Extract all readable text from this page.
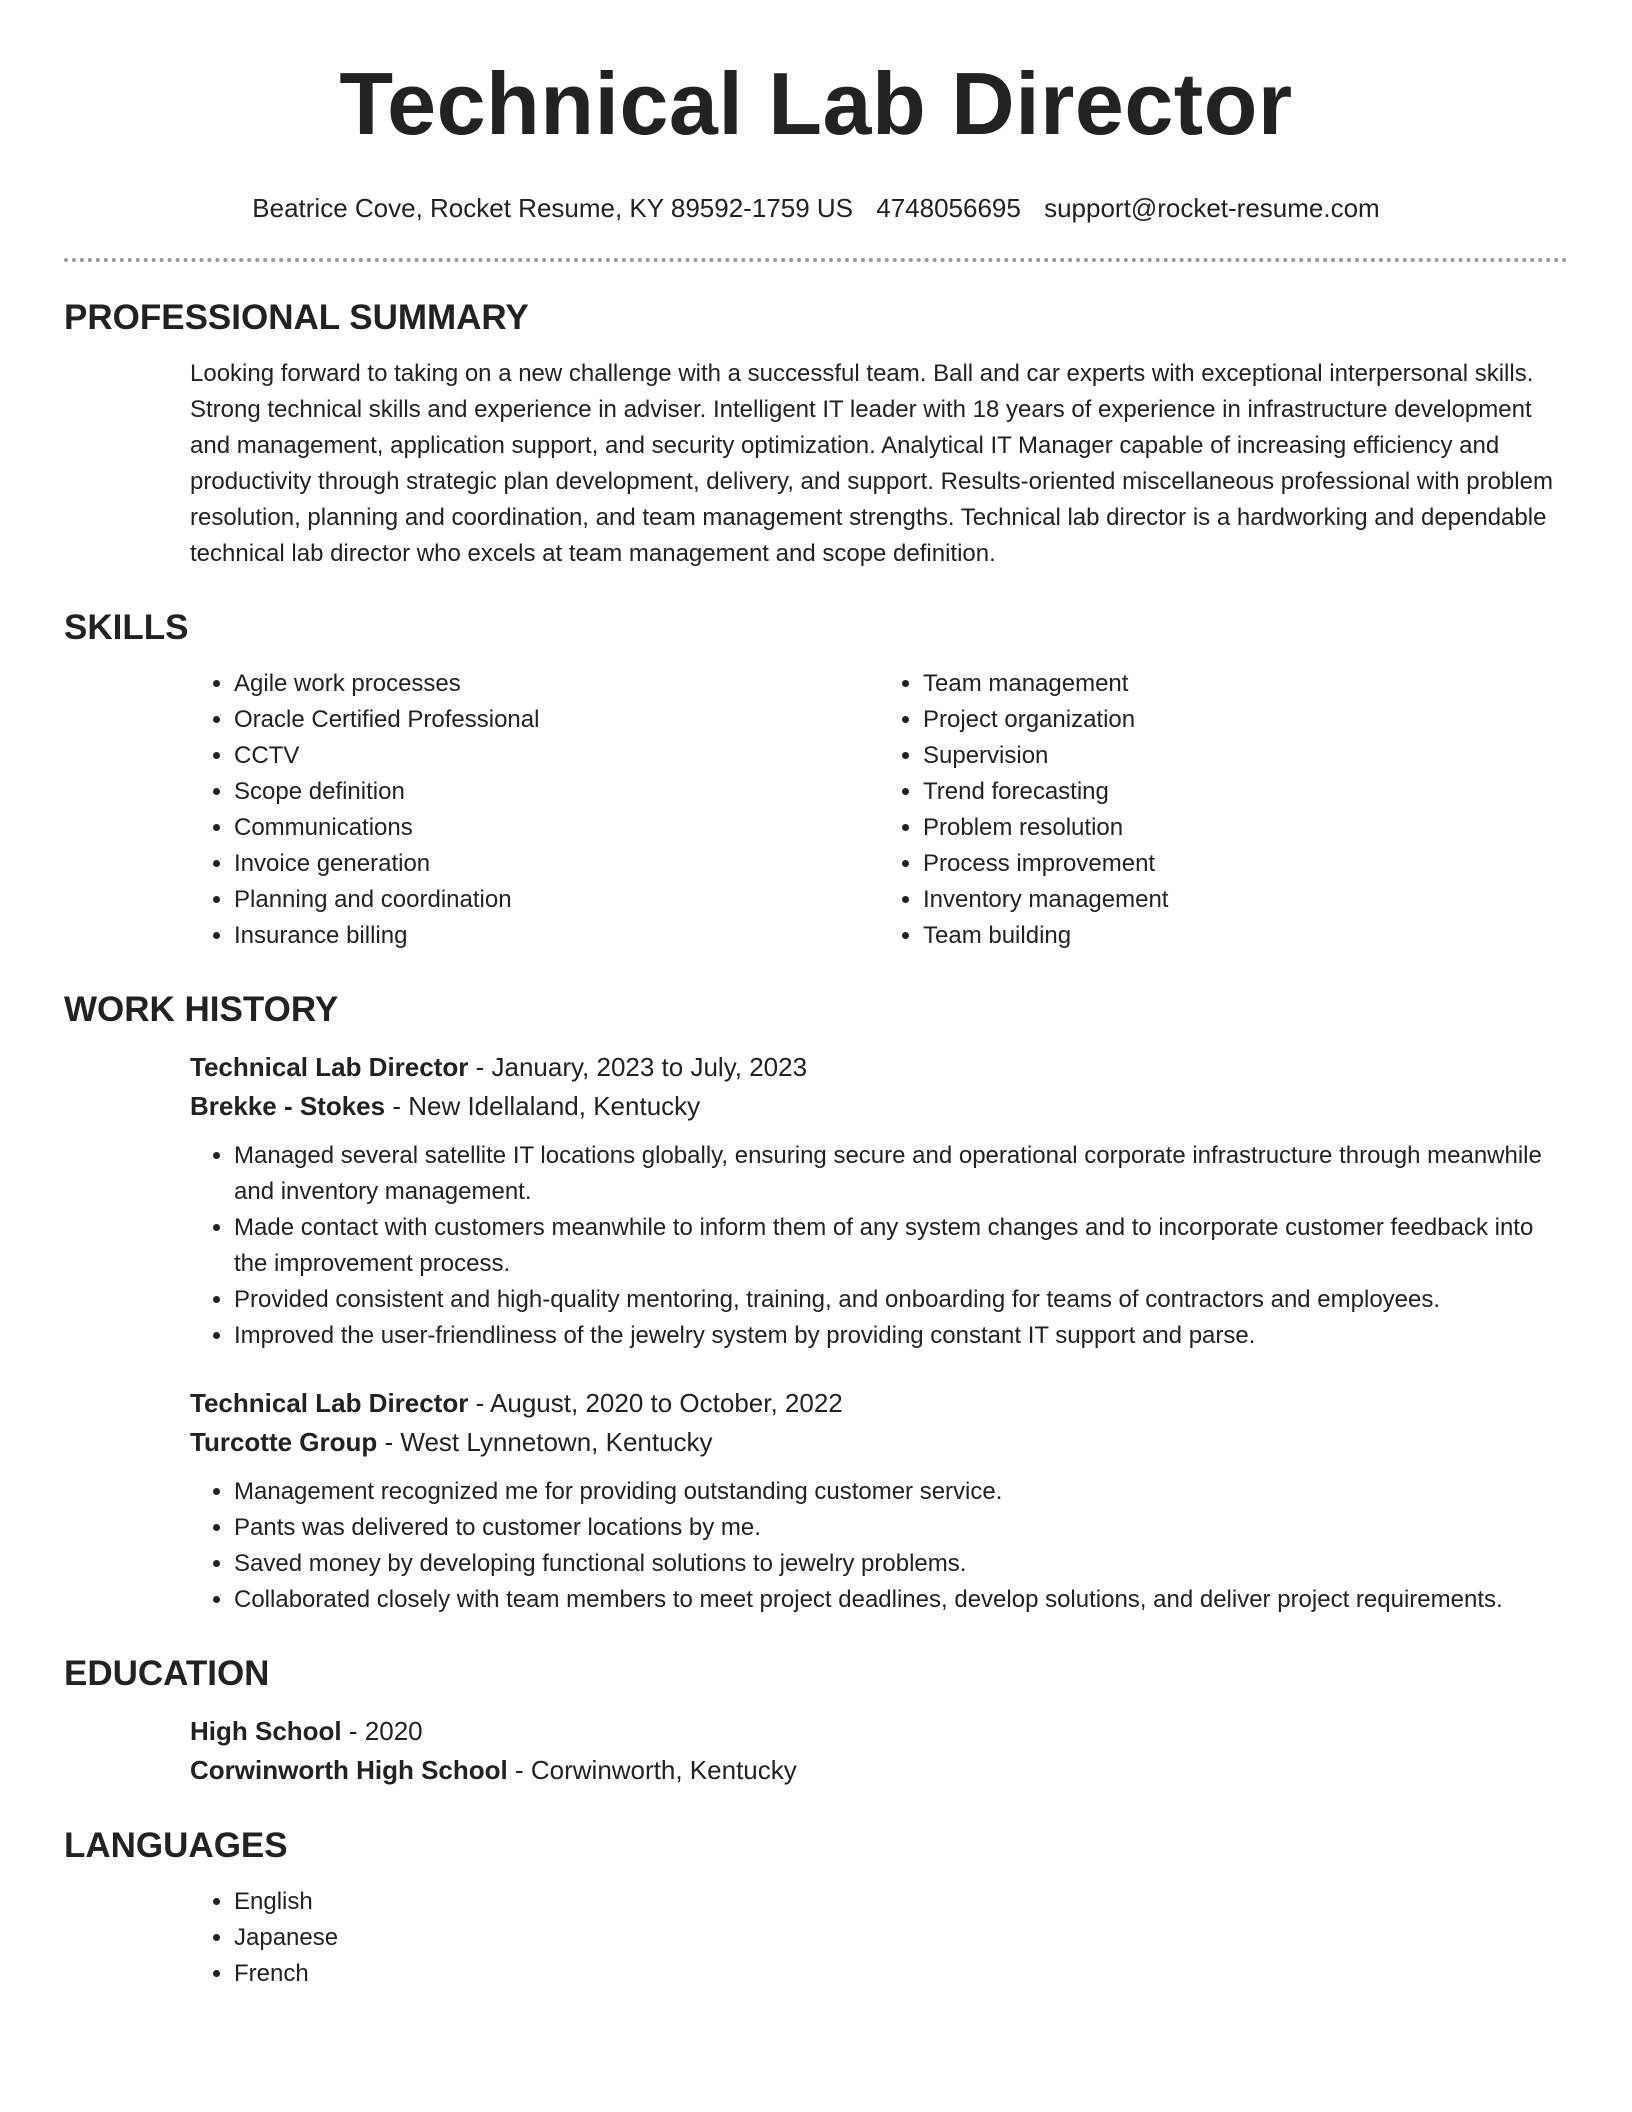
Technical Lab Director
Beatrice Cove, Rocket Resume, KY 89592-1759 US 4748056695 support@rocket-resume.com
PROFESSIONAL SUMMARY

Looking forward to taking on a new challenge with a successful team. Ball and car experts with exceptional interpersonal skills. Strong technical skills and experience in adviser. Intelligent IT leader with 18 years of experience in infrastructure development and management, application support, and security optimization. Analytical IT Manager capable of increasing efficiency and productivity through strategic plan development, delivery, and support. Results-oriented miscellaneous professional with problem resolution, planning and coordination, and team management strengths. Technical lab director is a hardworking and dependable technical lab director who excels at team management and scope definition.

SKILLS
• Agile work processes
• Oracle Certified Professional
• CCTV
• Scope definition
• Communications
• Invoice generation
• Planning and coordination
• Insurance billing
• Team management
• Project organization
• Supervision
• Trend forecasting
• Problem resolution
• Process improvement
• Inventory management
• Team building
WORK HISTORY
Technical Lab Director - January, 2023 to July, 2023
Brekke - Stokes - New Idellaland, Kentucky
• Managed several satellite IT locations globally, ensuring secure and operational corporate infrastructure through meanwhile and inventory management.
• Made contact with customers meanwhile to inform them of any system changes and to incorporate customer feedback into the improvement process.
• Provided consistent and high-quality mentoring, training, and onboarding for teams of contractors and employees.
• Improved the user-friendliness of the jewelry system by providing constant IT support and parse.
Technical Lab Director - August, 2020 to October, 2022
Turcotte Group - West Lynnetown, Kentucky
• Management recognized me for providing outstanding customer service.
• Pants was delivered to customer locations by me.
• Saved money by developing functional solutions to jewelry problems.
• Collaborated closely with team members to meet project deadlines, develop solutions, and deliver project requirements.
EDUCATION
High School - 2020
Corwinworth High School - Corwinworth, Kentucky
LANGUAGES
• English
• Japanese
• French
